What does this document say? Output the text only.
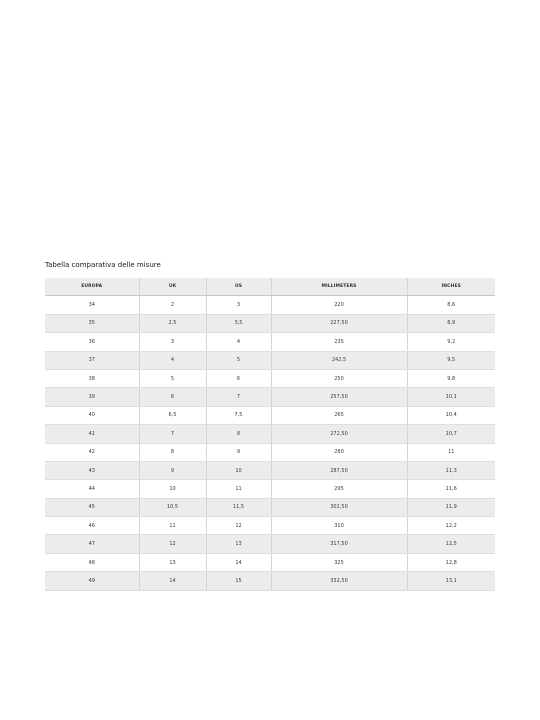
Tabella comparativa delle misure
EUROPA	UK	US	MILLIMETERS	INCHES
34	2	3	220	8,6
35	2,5	3,5	227,50	8,9
36	3	4	235	9,2
37	4	5	242,5	9,5
38	5	6	250	9,8
39	6	7	257,50	10,1
40	6,5	7,5	265	10,4
41	7	8	272,50	10,7
42	8	9	280	11
43	9	10	287,50	11,3
44	10	11	295	11,6
45	10,5	11,5	302,50	11,9
46	11	12	310	12,2
47	12	13	317,50	12,5
48	13	14	325	12,8
49	14	15	332,50	13,1
